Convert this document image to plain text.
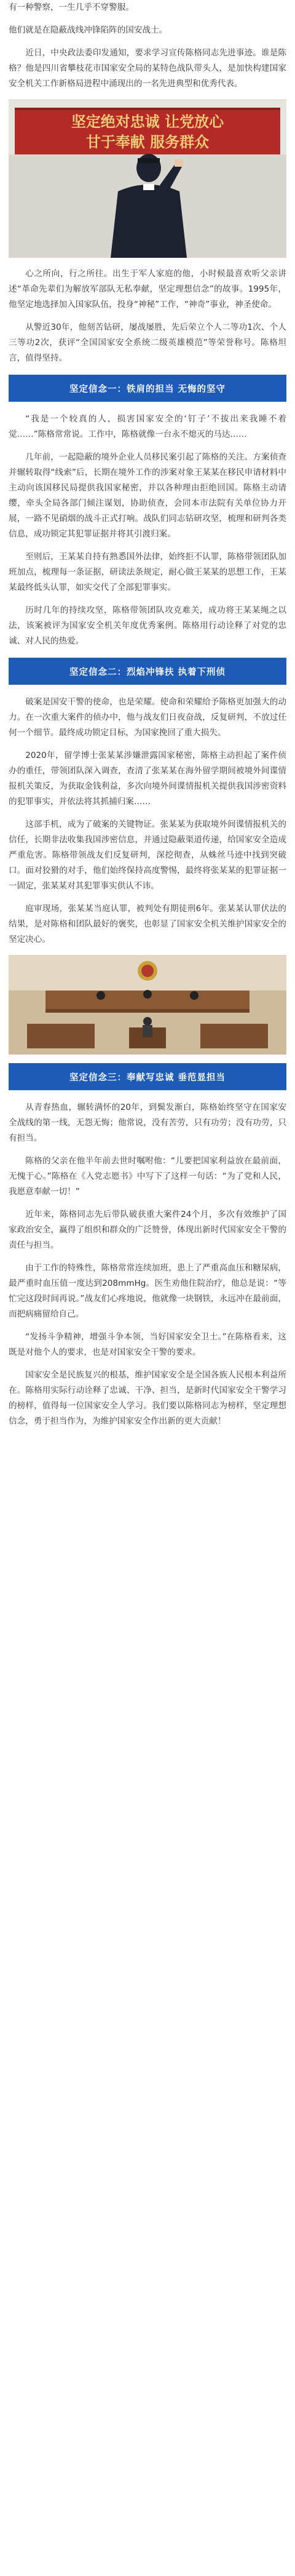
有一种警察，一生几乎不穿警服。

他们就是在隐蔽战线冲锋陷阵的国安战士。

近日，中央政法委印发通知，要求学习宣传陈格同志先进事迹。谁是陈格？他是四川省攀枝花市国家安全局的某特色战队带头人，是加快构建国家安全机关工作新格局进程中涌现出的一名先进典型和优秀代表。

坚定绝对忠诚 让党放心
甘于奉献 服务群众

心之所向，行之所往。出生于军人家庭的他，小时候最喜欢听父亲讲述“革命先辈们为解放军部队无私奉献，坚定理想信念”的故事。1995年，他坚定地选择加入国家队伍，投身“神秘”工作，“神奇”事业，神圣使命。

从警近30年，他刻苦钻研，屡战屡胜，先后荣立个人二等功1次、个人三等功2次，获评“全国国家安全系统二级英雄模范”等荣誉称号。陈格坦言，值得坚持。

坚定信念一：铁肩的担当 无悔的坚守

“我是一个较真的人，损害国家安全的‘钉子’不拔出来我睡不着觉……”陈格常常说。工作中，陈格就像一台永不熄灭的马达……

几年前，一起隐蔽的境外企业人员移民案引起了陈格的关注。方案侦查并辗转取得“线索”后，长期在境外工作的涉案对象王某某在移民申请材料中主动向该国移民局提供我国家秘密，并以各种理由拒绝回国。陈格主动请缨，牵头全局各部门倾注谋划，协助侦查，会同本市法院有关单位协力开展，一路不见硝烟的战斗正式打响。战队们同志钻研攻坚，梳理和研判各类信息，成功锁定其犯罪证据并将其引渡归案。

至则后，王某某自持有熟悉国外法律，始终拒不认罪，陈格带领团队加班加点，梳理每一条证据，研读法条规定，耐心做王某某的思想工作，王某某最终低头认罪，如实交代了全部犯罪事实。

历时几年的持续攻坚，陈格带领团队攻克难关，成功将王某某绳之以法，该案被评为国家安全机关年度优秀案例。陈格用行动诠释了对党的忠诚、对人民的热爱。

坚定信念二：烈焰冲锋扶 执着下刑侦

破案是国安干警的使命，也是荣耀。使命和荣耀给予陈格更加强大的动力。在一次重大案件的侦办中，他与战友们日夜奋战，反复研判，不放过任何一个细节。最终成功锁定目标，为国家挽回了重大损失。

2020年，留学博士张某某涉嫌泄露国家秘密，陈格主动担起了案件侦办的重任，带领团队深入调查，查清了张某某在海外留学期间被境外间谍情报机关策反，为获取金钱利益，多次向境外间谍情报机关提供我国涉密资料的犯罪事实，并依法将其抓捕归案……

这部手机，成为了破案的关键物证。张某某为获取境外间谍情报机关的信任，长期非法收集我国涉密信息，并通过隐蔽渠道传递，给国家安全造成严重危害。陈格带领战友们反复研判，深挖彻查，从蛛丝马迹中找到突破口。面对狡猾的对手，他们始终保持高度警惕，最终将张某某的犯罪证据一一固定，张某某对其犯罪事实供认不讳。

庭审现场，张某某当庭认罪，被判处有期徒刑6年。张某某认罪伏法的结果，是对陈格和团队最好的褒奖，也彰显了国家安全机关维护国家安全的坚定决心。

坚定信念三：奉献写忠诚 垂范显担当

从青春热血，辗转满怀的20年，到鬓发渐白，陈格始终坚守在国家安全战线的第一线，无怨无悔；他常说，没有苦劳，只有功劳；没有功劳，只有担当。

陈格的父亲在他半年前去世时嘱咐他：“儿要把国家利益放在最前面，无愧于心。”陈格在《入党志愿书》中写下了这样一句话：“为了党和人民，我愿意奉献一切！”

近年来，陈格同志先后带队破获重大案件24个月，多次有效维护了国家政治安全，赢得了组织和群众的广泛赞誉，体现出新时代国家安全干警的责任与担当。

由于工作的特殊性，陈格常常连续加班，患上了严重高血压和糖尿病，最严重时血压值一度达到208mmHg。医生劝他住院治疗，他总是说：“等忙完这段时间再说。”战友们心疼地说，他就像一块钢铁，永远冲在最前面，而把病痛留给自己。

“发扬斗争精神，增强斗争本领，当好国家安全卫士。”在陈格看来，这既是对他个人的要求，也是对国家安全干警的要求。

国家安全是民族复兴的根基，维护国家安全是全国各族人民根本利益所在。陈格用实际行动诠释了忠诚、干净、担当，是新时代国家安全干警学习的榜样，值得每一位国家安全人学习。我们要以陈格同志为榜样，坚定理想信念，勇于担当作为，为维护国家安全作出新的更大贡献！
